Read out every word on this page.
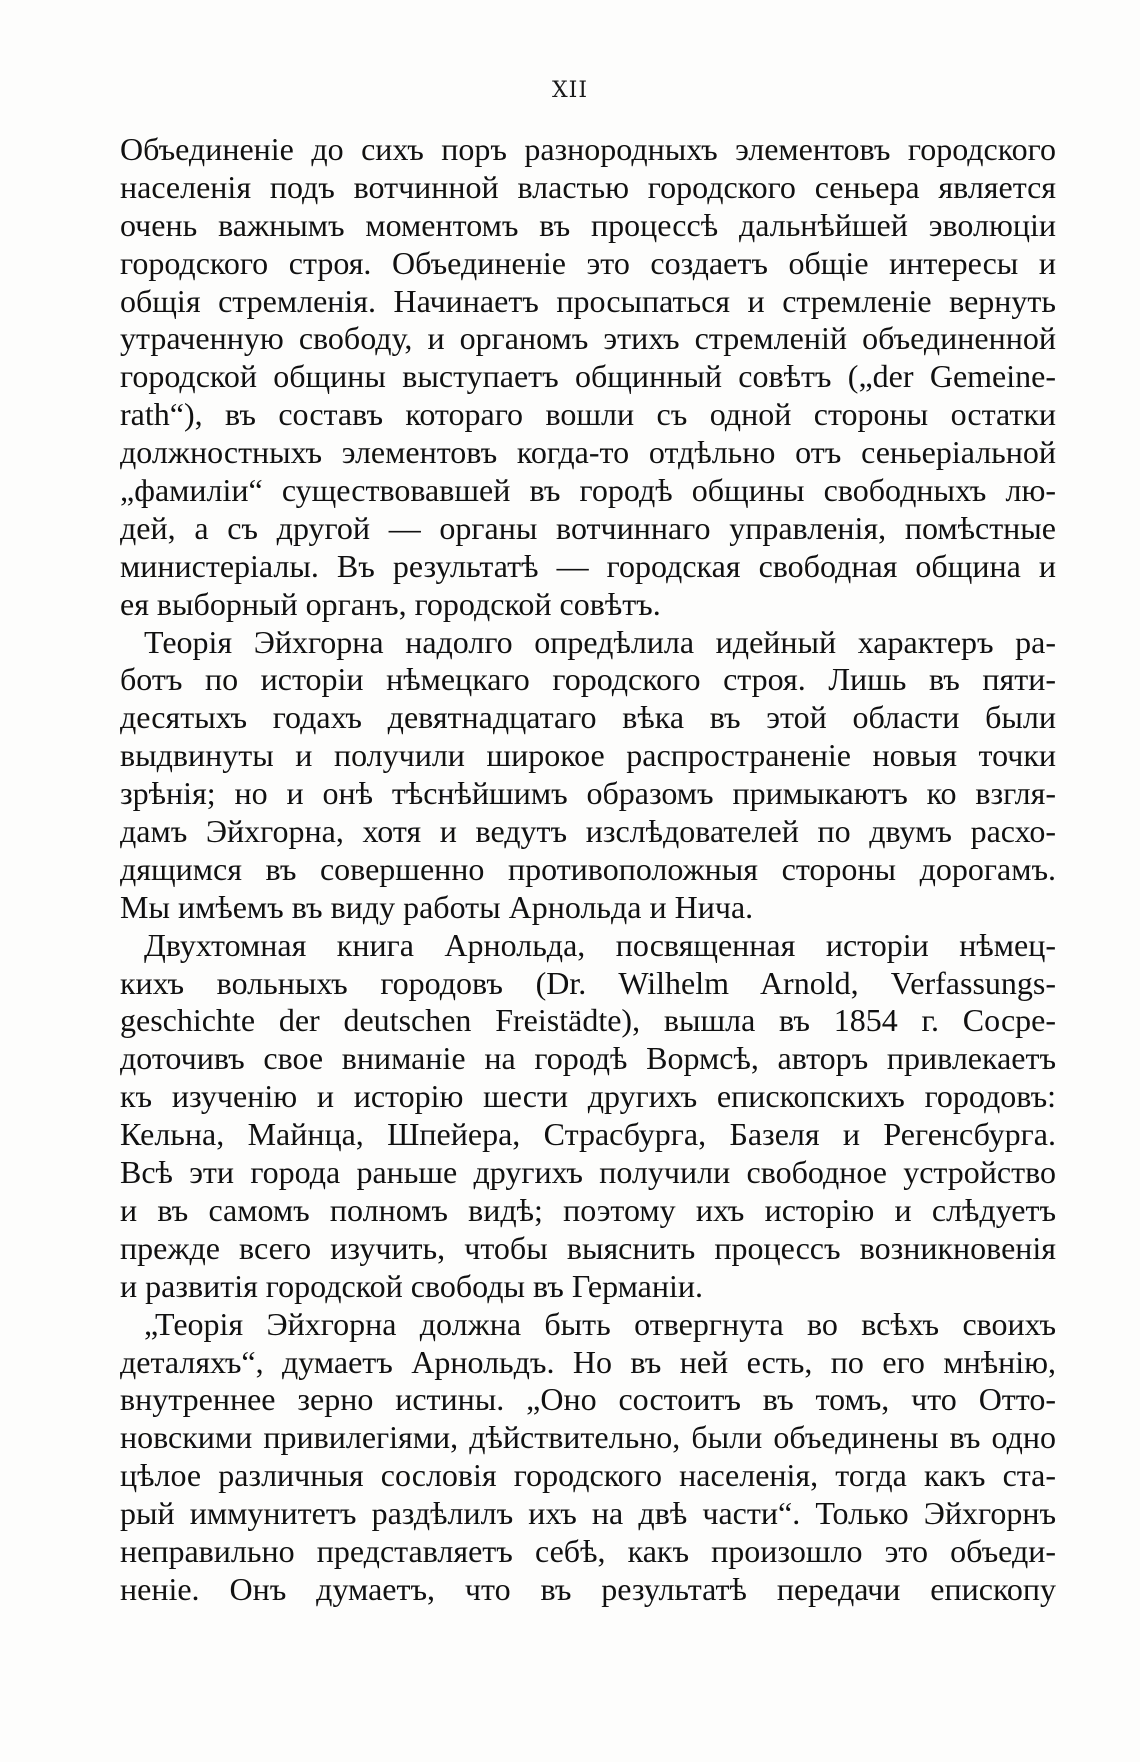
XII
Объединеніе до сихъ поръ разнородныхъ элементовъ городского
населенія подъ вотчинной властью городского сеньера является
очень важнымъ моментомъ въ процессѣ дальнѣйшей эволюціи
городского строя. Объединеніе это создаетъ общіе интересы и
общія стремленія. Начинаетъ просыпаться и стремленіе вернуть
утраченную свободу, и органомъ этихъ стремленій объединенной
городской общины выступаетъ общинный совѣтъ („der Gemeine-
rath“), въ составъ котораго вошли съ одной стороны остатки
должностныхъ элементовъ когда-то отдѣльно отъ сеньеріальной
„фамиліи“ существовавшей въ городѣ общины свободныхъ лю-
дей, а съ другой — органы вотчиннаго управленія, помѣстные
министеріалы. Въ результатѣ — городская свободная община и
ея выборный органъ, городской совѣтъ.
Теорія Эйхгорна надолго опредѣлила идейный характеръ ра-
ботъ по исторіи нѣмецкаго городского строя. Лишь въ пяти-
десятыхъ годахъ девятнадцатаго вѣка въ этой области были
выдвинуты и получили широкое распространеніе новыя точки
зрѣнія; но и онѣ тѣснѣйшимъ образомъ примыкаютъ ко взгля-
дамъ Эйхгорна, хотя и ведутъ изслѣдователей по двумъ расхо-
дящимся въ совершенно противоположныя стороны дорогамъ.
Мы имѣемъ въ виду работы Арнольда и Нича.
Двухтомная книга Арнольда, посвященная исторіи нѣмец-
кихъ вольныхъ городовъ (Dr. Wilhelm Arnold, Verfassungs-
geschichte der deutschen Freistädte), вышла въ 1854 г. Сосре-
доточивъ свое вниманіе на городѣ Вормсѣ, авторъ привлекаетъ
къ изученію и исторію шести другихъ епископскихъ городовъ:
Кельна, Майнца, Шпейера, Страсбурга, Базеля и Регенсбурга.
Всѣ эти города раньше другихъ получили свободное устройство
и въ самомъ полномъ видѣ; поэтому ихъ исторію и слѣдуетъ
прежде всего изучить, чтобы выяснить процессъ возникновенія
и развитія городской свободы въ Германіи.
„Теорія Эйхгорна должна быть отвергнута во всѣхъ своихъ
деталяхъ“, думаетъ Арнольдъ. Но въ ней есть, по его мнѣнію,
внутреннее зерно истины. „Оно состоитъ въ томъ, что Отто-
новскими привилегіями, дѣйствительно, были объединены въ одно
цѣлое различныя сословія городского населенія, тогда какъ ста-
рый иммунитетъ раздѣлилъ ихъ на двѣ части“. Только Эйхгорнъ
неправильно представляетъ себѣ, какъ произошло это объеди-
неніе. Онъ думаетъ, что въ результатѣ передачи епископу
